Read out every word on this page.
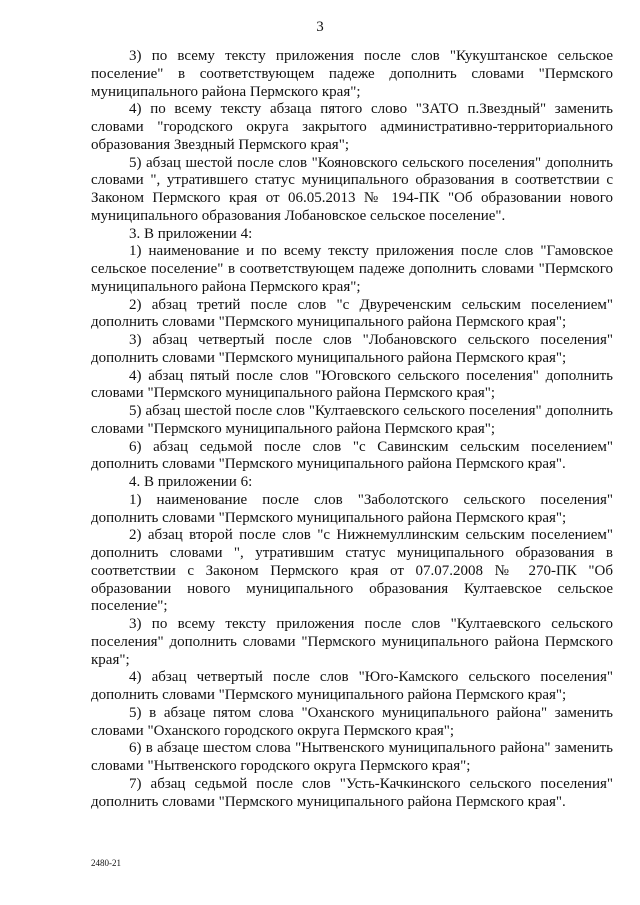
3

3) по всему тексту приложения после слов "Кукуштанское сельское поселение" в соответствующем падеже дополнить словами "Пермского муниципального района Пермского края";

4) по всему тексту абзаца пятого слово "ЗАТО п.Звездный" заменить словами "городского округа закрытого административно-территориального образования Звездный Пермского края";

5) абзац шестой после слов "Кояновского сельского поселения" дополнить словами ", утратившего статус муниципального образования в соответствии с Законом Пермского края от 06.05.2013 № 194-ПК "Об образовании нового муниципального образования Лобановское сельское поселение".

3. В приложении 4:

1) наименование и по всему тексту приложения после слов "Гамовское сельское поселение" в соответствующем падеже дополнить словами "Пермского муниципального района Пермского края";

2) абзац третий после слов "с Двуреченским сельским поселением" дополнить словами "Пермского муниципального района Пермского края";

3) абзац четвертый после слов "Лобановского сельского поселения" дополнить словами "Пермского муниципального района Пермского края";

4) абзац пятый после слов "Юговского сельского поселения" дополнить словами "Пермского муниципального района Пермского края";

5) абзац шестой после слов "Култаевского сельского поселения" дополнить словами "Пермского муниципального района Пермского края";

6) абзац седьмой после слов "с Савинским сельским поселением" дополнить словами "Пермского муниципального района Пермского края".

4. В приложении 6:

1) наименование после слов "Заболотского сельского поселения" дополнить словами "Пермского муниципального района Пермского края";

2) абзац второй после слов "с Нижнемуллинским сельским поселением" дополнить словами ", утратившим статус муниципального образования в соответствии с Законом Пермского края от 07.07.2008 № 270-ПК "Об образовании нового муниципального образования Култаевское сельское поселение";

3) по всему тексту приложения после слов "Култаевского сельского поселения" дополнить словами "Пермского муниципального района Пермского края";

4) абзац четвертый после слов "Юго-Камского сельского поселения" дополнить словами "Пермского муниципального района Пермского края";

5) в абзаце пятом слова "Оханского муниципального района" заменить словами "Оханского городского округа Пермского края";

6) в абзаце шестом слова "Нытвенского муниципального района" заменить словами "Нытвенского городского округа Пермского края";

7) абзац седьмой после слов "Усть-Качкинского сельского поселения" дополнить словами "Пермского муниципального района Пермского края".

2480-21
